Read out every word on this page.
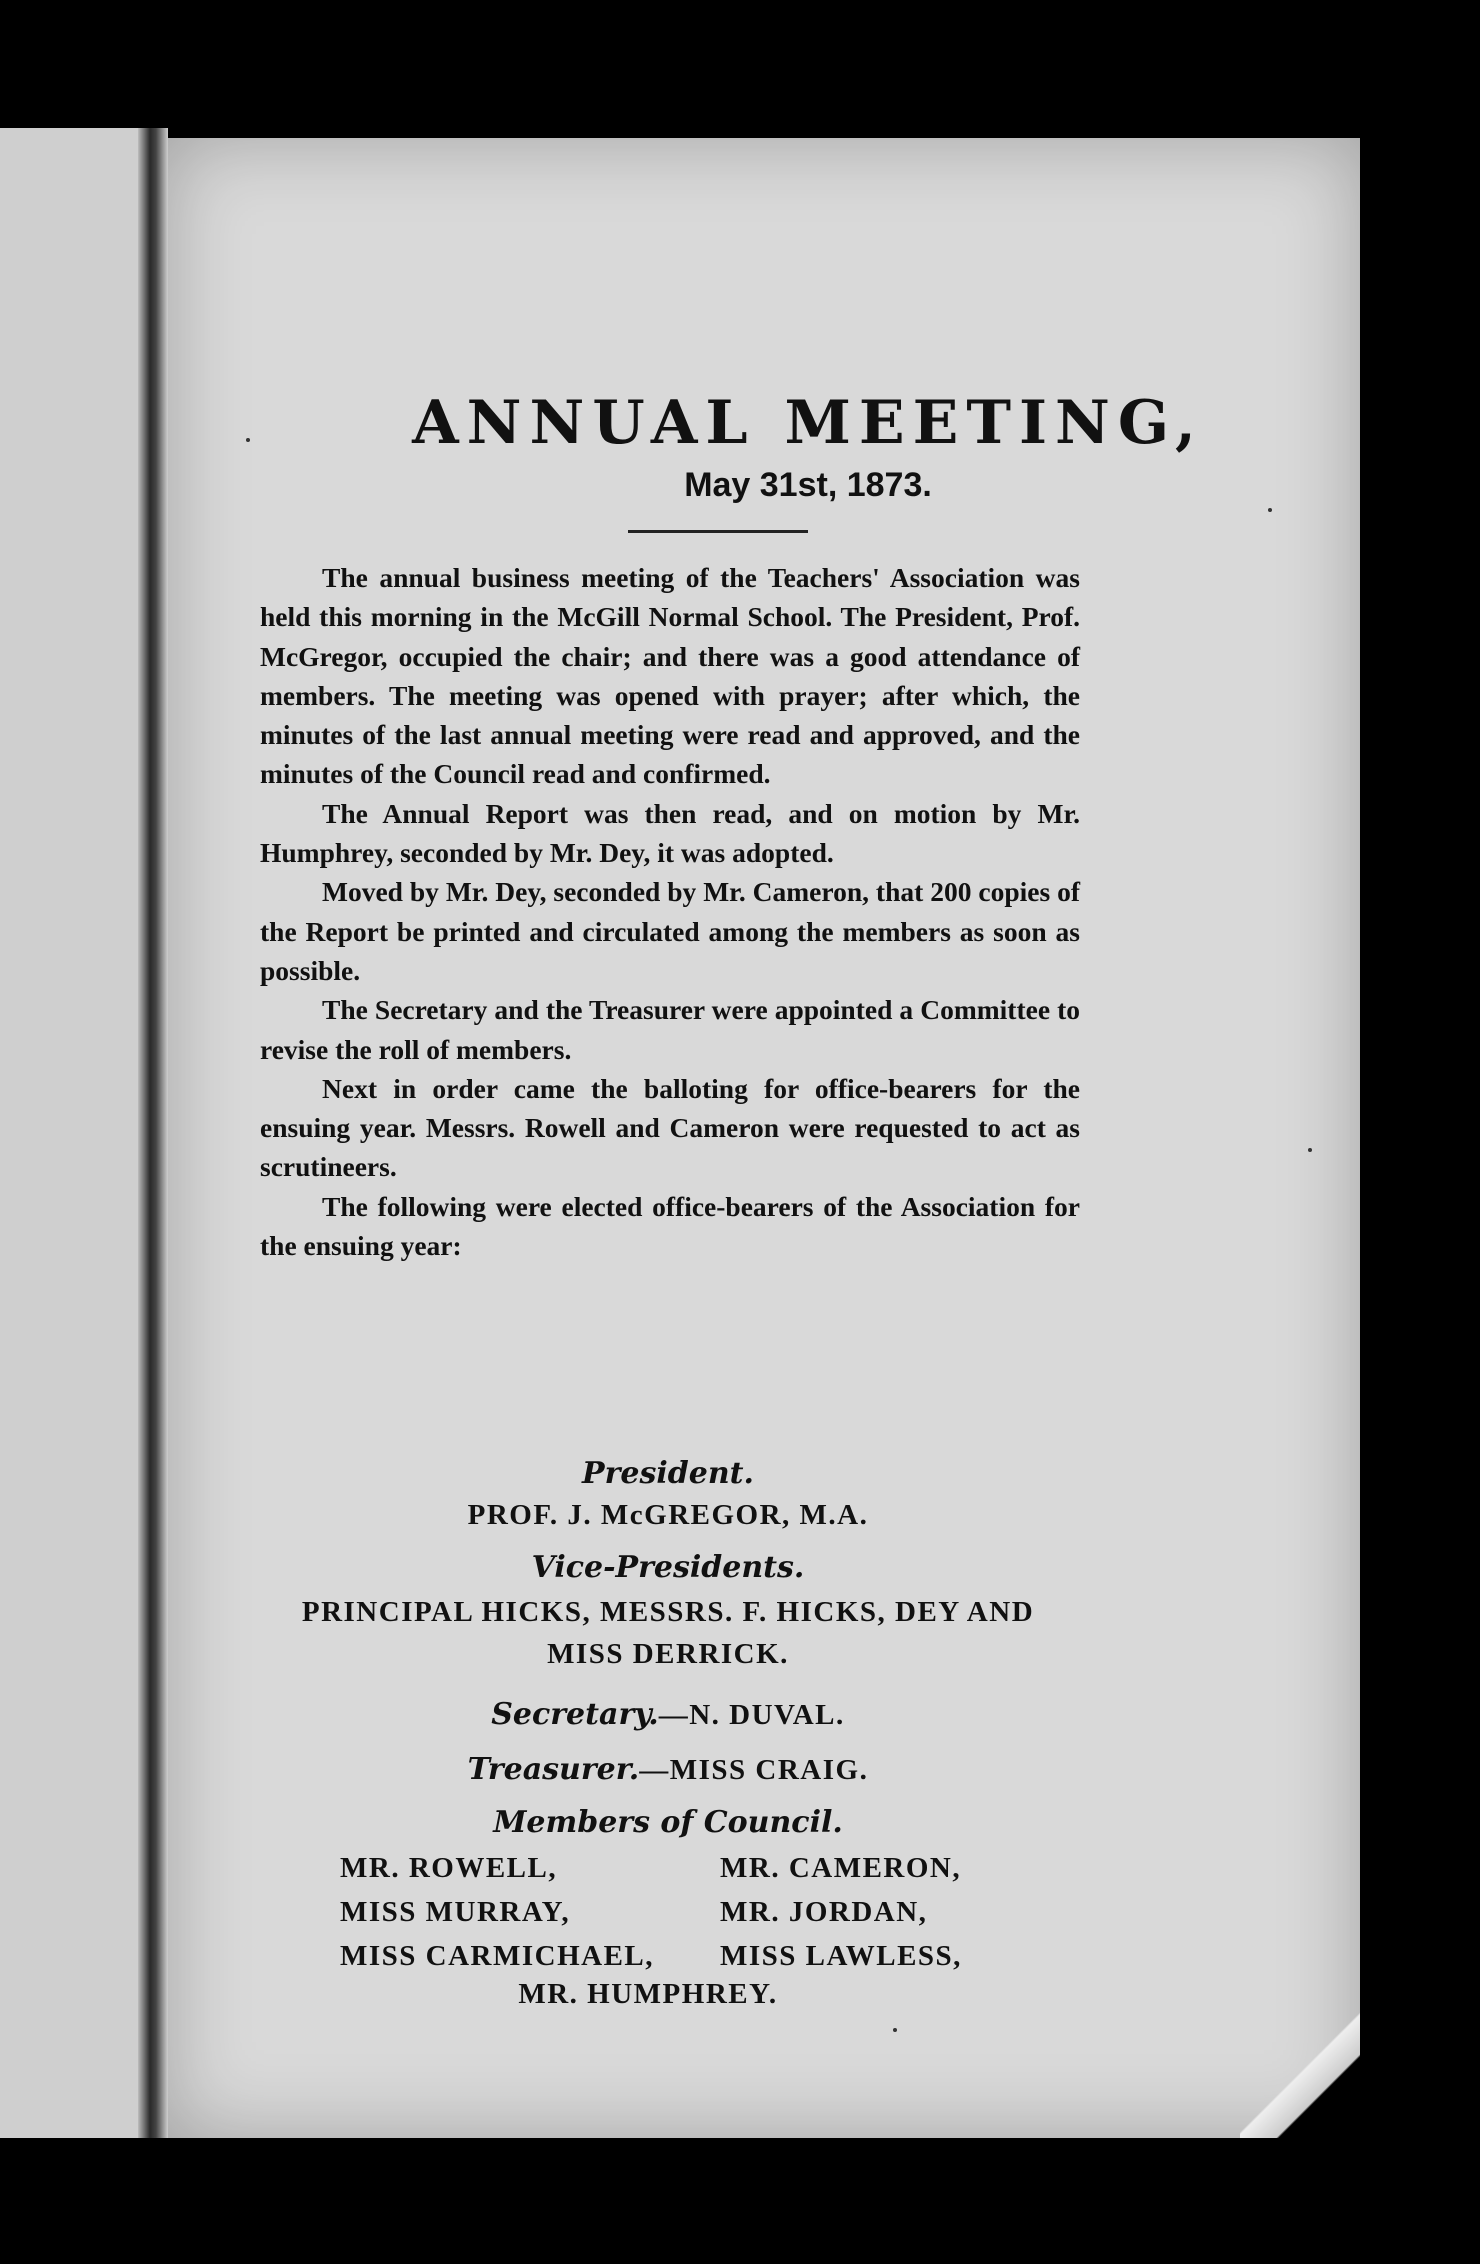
ANNUAL MEETING,
May 31st, 1873.

The annual business meeting of the Teachers' Association was held this morning in the McGill Normal School. The President, Prof. McGregor, occupied the chair; and there was a good attendance of members. The meeting was opened with prayer; after which, the minutes of the last annual meeting were read and approved, and the minutes of the Council read and confirmed.

The Annual Report was then read, and on motion by Mr. Humphrey, seconded by Mr. Dey, it was adopted.

Moved by Mr. Dey, seconded by Mr. Cameron, that 200 copies of the Report be printed and circulated among the members as soon as possible.

The Secretary and the Treasurer were appointed a Committee to revise the roll of members.

Next in order came the balloting for office-bearers for the ensuing year. Messrs. Rowell and Cameron were requested to act as scrutineers.

The following were elected office-bearers of the Association for the ensuing year:

President.
PROF. J. McGREGOR, M.A.
Vice-Presidents.
PRINCIPAL HICKS, MESSRS. F. HICKS, DEY AND
MISS DERRICK.
Secretary.—N. DUVAL.
Treasurer.—MISS CRAIG.
Members of Council.
MR. ROWELL,	MR. CAMERON,
MISS MURRAY,	MR. JORDAN,
MISS CARMICHAEL,	MISS LAWLESS,
MR. HUMPHREY.
